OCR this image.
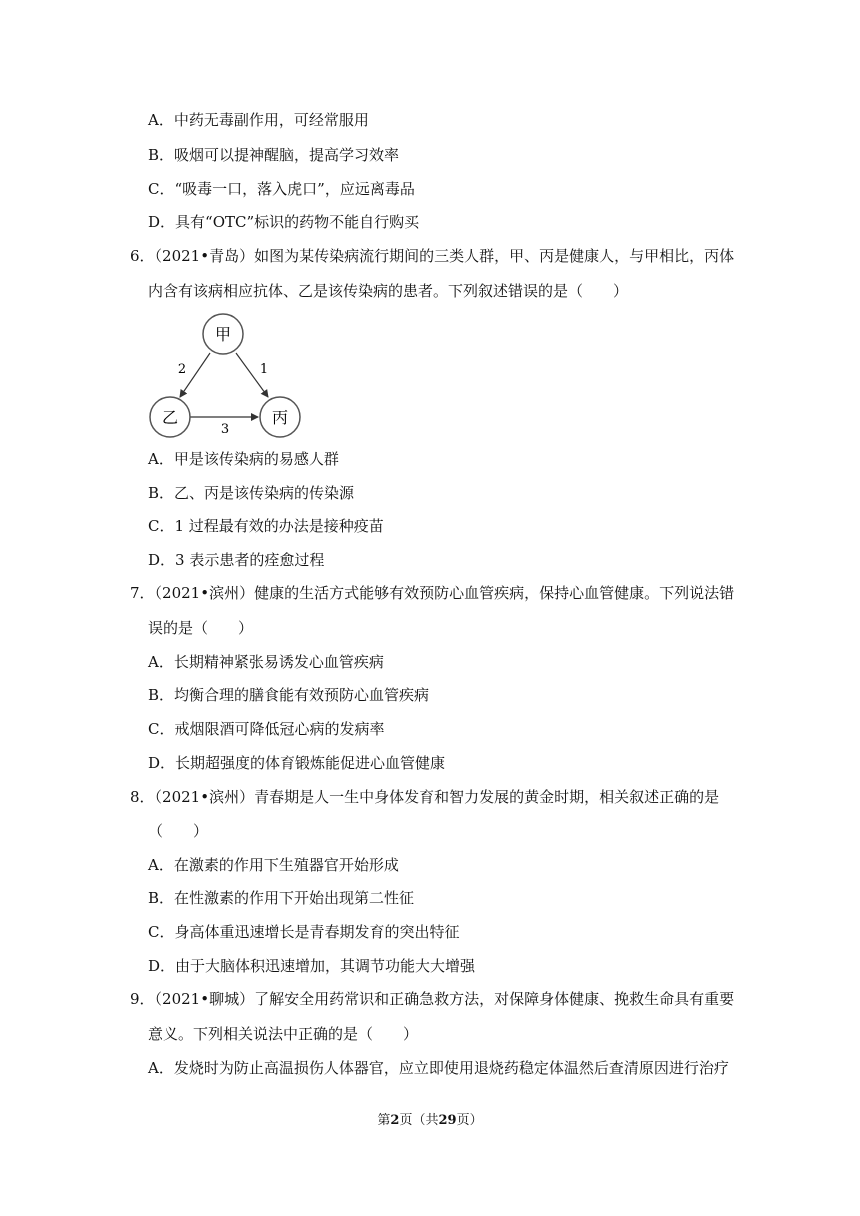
A．中药无毒副作用，可经常服用
B．吸烟可以提神醒脑，提高学习效率
C．“吸毒一口，落入虎口”，应远离毒品
D．具有“OTC”标识的药物不能自行购买
6．（2021•青岛）如图为某传染病流行期间的三类人群，甲、丙是健康人，与甲相比，丙体
内含有该病相应抗体、乙是该传染病的患者。下列叙述错误的是（　　）
甲
乙	丙
2	1
3
A．甲是该传染病的易感人群
B．乙、丙是该传染病的传染源
C．1 过程最有效的办法是接种疫苗
D．3 表示患者的痊愈过程
7．（2021•滨州）健康的生活方式能够有效预防心血管疾病，保持心血管健康。下列说法错
误的是（　　）
A．长期精神紧张易诱发心血管疾病
B．均衡合理的膳食能有效预防心血管疾病
C．戒烟限酒可降低冠心病的发病率
D．长期超强度的体育锻炼能促进心血管健康
8．（2021•滨州）青春期是人一生中身体发育和智力发展的黄金时期，相关叙述正确的是
（　　）
A．在激素的作用下生殖器官开始形成
B．在性激素的作用下开始出现第二性征
C．身高体重迅速增长是青春期发育的突出特征
D．由于大脑体积迅速增加，其调节功能大大增强
9．（2021•聊城）了解安全用药常识和正确急救方法，对保障身体健康、挽救生命具有重要
意义。下列相关说法中正确的是（　　）
A．发烧时为防止高温损伤人体器官，应立即使用退烧药稳定体温然后查清原因进行治疗
第2页（共29页）
